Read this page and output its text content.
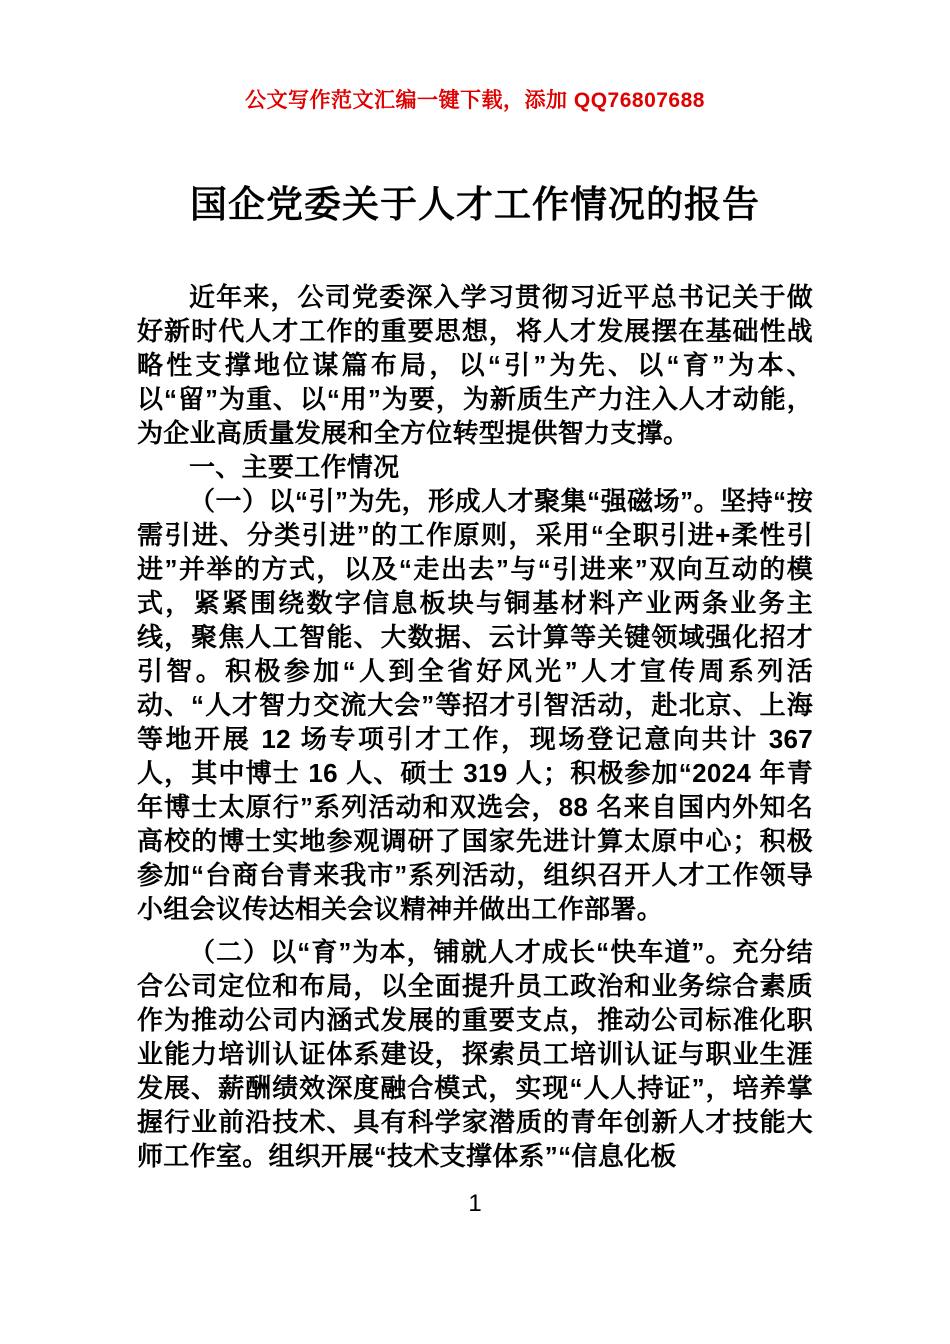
公文写作范文汇编一键下载，添加 QQ76807688
国企党委关于人才工作情况的报告

近年来，公司党委深入学习贯彻习近平总书记关于做好新时代人才工作的重要思想，将人才发展摆在基础性战略性支撑地位谋篇布局，以“引”为先、以“育”为本、以“留”为重、以“用”为要，为新质生产力注入人才动能，为企业高质量发展和全方位转型提供智力支撑。

一、主要工作情况

（一）以“引”为先，形成人才聚集“强磁场”。坚持“按需引进、分类引进”的工作原则，采用“全职引进+柔性引进”并举的方式，以及“走出去”与“引进来”双向互动的模式，紧紧围绕数字信息板块与铜基材料产业两条业务主线，聚焦人工智能、大数据、云计算等关键领域强化招才引智。积极参加“人到全省好风光”人才宣传周系列活动、“人才智力交流大会”等招才引智活动，赴北京、上海等地开展 12 场专项引才工作，现场登记意向共计 367 人，其中博士 16 人、硕士 319 人；积极参加“2024 年青年博士太原行”系列活动和双选会，88 名来自国内外知名高校的博士实地参观调研了国家先进计算太原中心；积极参加“台商台青来我市”系列活动，组织召开人才工作领导小组会议传达相关会议精神并做出工作部署。

（二）以“育”为本，铺就人才成长“快车道”。充分结合公司定位和布局，以全面提升员工政治和业务综合素质作为推动公司内涵式发展的重要支点，推动公司标准化职业能力培训认证体系建设，探索员工培训认证与职业生涯发展、薪酬绩效深度融合模式，实现“人人持证”，培养掌握行业前沿技术、具有科学家潜质的青年创新人才技能大师工作室。组织开展“技术支撑体系”“信息化板

1
